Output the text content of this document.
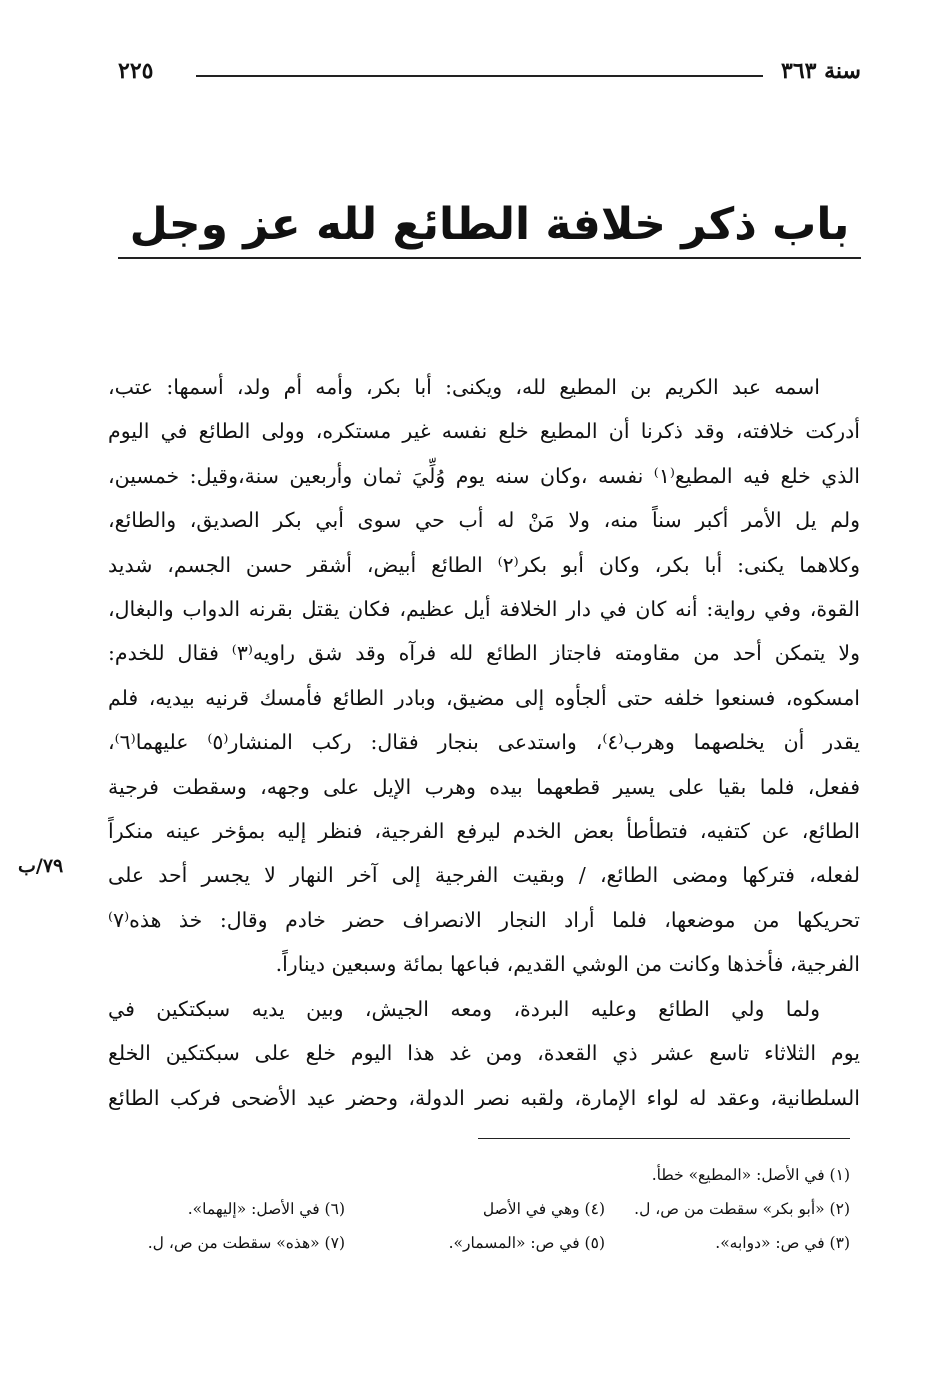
سنة ٣٦٣
٢٢٥
باب ذكر خلافة الطائع لله عز وجل
اسمه عبد الكريم بن المطيع لله، ويكنى: أبا بكر، وأمه أم ولد، أسمها: عتب،
أدركت خلافته، وقد ذكرنا أن المطيع خلع نفسه غير مستكره، وولى الطائع في اليوم
الذي خلع فيه المطيع⁽١⁾ نفسه ،وكان سنه يوم وُلِّيَ ثمان وأربعين سنة،وقيل: خمسين،
ولم يل الأمر أكبر سناً منه، ولا مَنْ له أب حي سوى أبي بكر الصديق، والطائع،
وكلاهما يكنى: أبا بكر، وكان أبو بكر⁽٢⁾ الطائع أبيض، أشقر حسن الجسم، شديد
القوة، وفي رواية: أنه كان في دار الخلافة أيل عظيم، فكان يقتل بقرنه الدواب والبغال،
ولا يتمكن أحد من مقاومته فاجتاز الطائع لله فرآه وقد شق راويه⁽٣⁾ فقال للخدم:
امسكوه، فسنعوا خلفه حتى ألجأوه إلى مضيق، وبادر الطائع فأمسك قرنيه بيديه، فلم
يقدر أن يخلصهما وهرب⁽٤⁾، واستدعى بنجار فقال: ركب المنشار⁽٥⁾ عليهما⁽٦⁾،
ففعل، فلما بقيا على يسير قطعهما بيده وهرب الإيل على وجهه، وسقطت فرجية
الطائع، عن كتفيه، فتطأطأ بعض الخدم ليرفع الفرجية، فنظر إليه بمؤخر عينه منكراً
لفعله، فتركها ومضى الطائع، / وبقيت الفرجية إلى آخر النهار لا يجسر أحد على
تحريكها من موضعها، فلما أراد النجار الانصراف حضر خادم وقال: خذ هذه⁽٧⁾
الفرجية، فأخذها وكانت من الوشي القديم، فباعها بمائة وسبعين ديناراً.
ولما ولي الطائع وعليه البردة، ومعه الجيش، وبين يديه سبكتكين في
يوم الثلاثاء تاسع عشر ذي القعدة، ومن غد هذا اليوم خلع على سبكتكين الخلع
السلطانية، وعقد له لواء الإمارة، ولقبه نصر الدولة، وحضر عيد الأضحى فركب الطائع
٧٩/ب
(١) في الأصل: «المطيع» خطأ.
(٢) «أبو بكر» سقطت من ص، ل.
(٤) وهي في الأصل
(٦) في الأصل: «إليهما».
(٣) في ص: «دوابه».
(٥) في ص: «المسمار».
(٧) «هذه» سقطت من ص، ل.
